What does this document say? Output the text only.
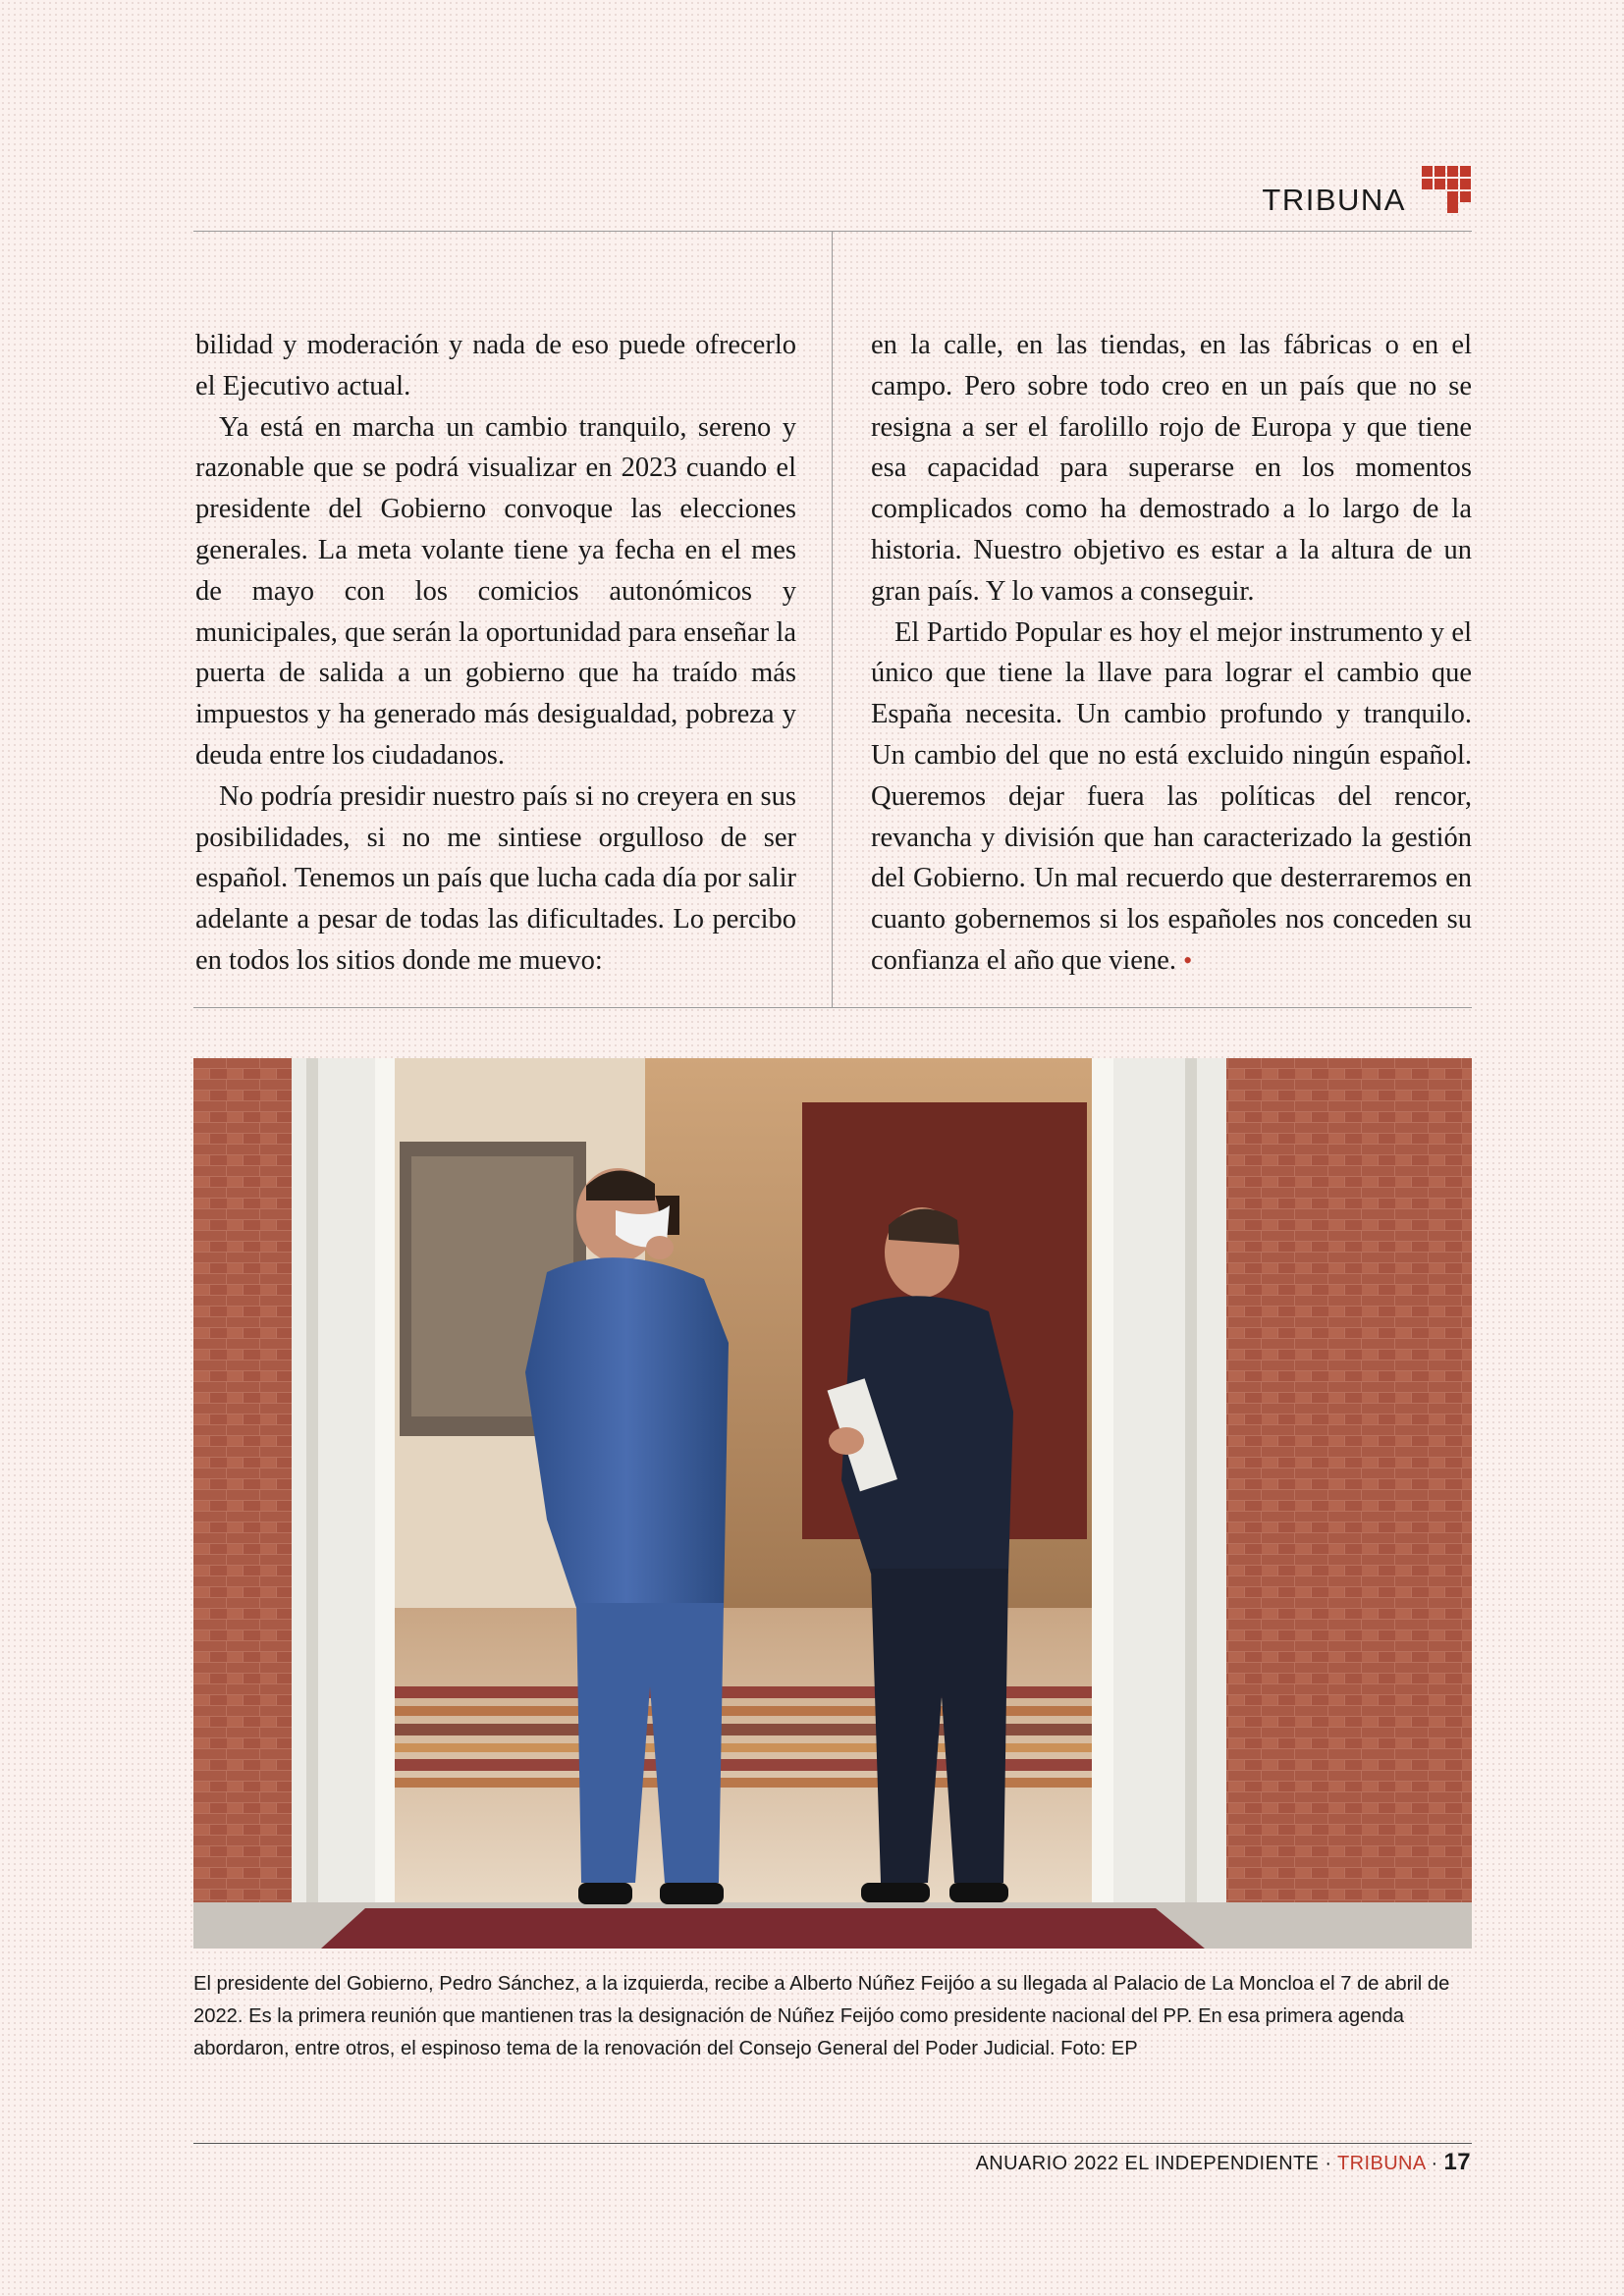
TRIBUNA

bilidad y moderación y nada de eso puede ofrecerlo el Ejecutivo actual.

Ya está en marcha un cambio tranquilo, sereno y razonable que se podrá visualizar en 2023 cuando el presidente del Gobierno convoque las elecciones generales. La meta volante tiene ya fecha en el mes de mayo con los comicios autonómicos y municipales, que serán la oportunidad para enseñar la puerta de salida a un gobierno que ha traído más impuestos y ha generado más desigualdad, pobreza y deuda entre los ciudadanos.

No podría presidir nuestro país si no creyera en sus posibilidades, si no me sintiese orgulloso de ser español. Tenemos un país que lucha cada día por salir adelante a pesar de todas las dificultades. Lo percibo en todos los sitios donde me muevo:

en la calle, en las tiendas, en las fábricas o en el campo. Pero sobre todo creo en un país que no se resigna a ser el farolillo rojo de Europa y que tiene esa capacidad para superarse en los momentos complicados como ha demostrado a lo largo de la historia. Nuestro objetivo es estar a la altura de un gran país. Y lo vamos a conseguir.

El Partido Popular es hoy el mejor instrumento y el único que tiene la llave para lograr el cambio que España necesita. Un cambio profundo y tranquilo. Un cambio del que no está excluido ningún español. Queremos dejar fuera las políticas del rencor, revancha y división que han caracterizado la gestión del Gobierno. Un mal recuerdo que desterraremos en cuanto gobernemos si los españoles nos conceden su confianza el año que viene. •

El presidente del Gobierno, Pedro Sánchez, a la izquierda, recibe a Alberto Núñez Feijóo a su llegada al Palacio de La Moncloa el 7 de abril de 2022. Es la primera reunión que mantienen tras la designación de Núñez Feijóo como presidente nacional del PP. En esa primera agenda abordaron, entre otros, el espinoso tema de la renovación del Consejo General del Poder Judicial. Foto: EP
ANUARIO 2022 EL INDEPENDIENTE · TRIBUNA · 17
